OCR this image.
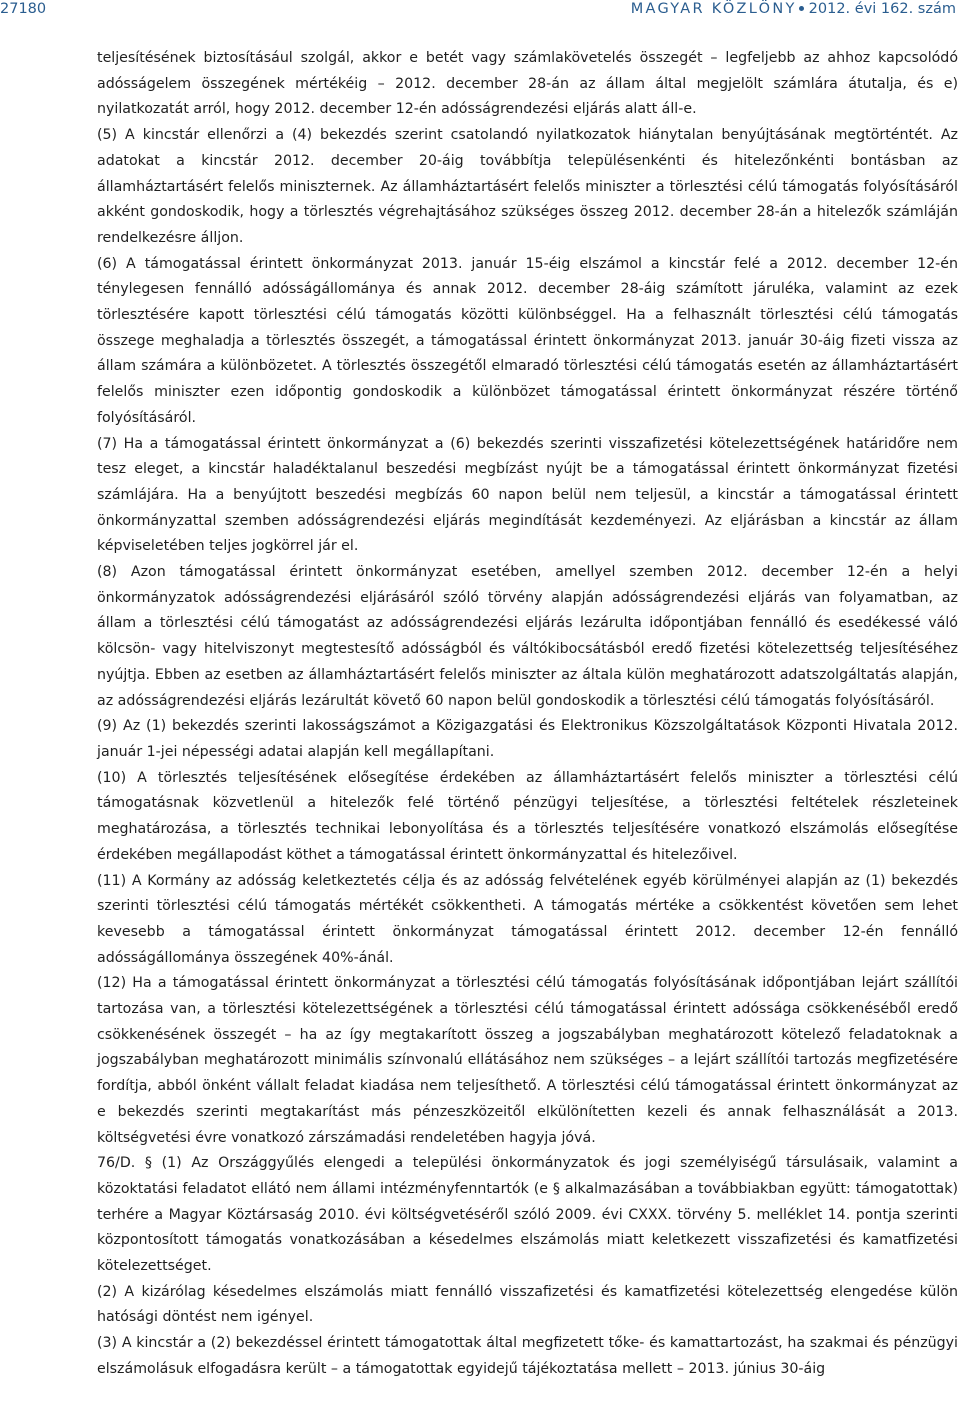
27180	MAGYAR KÖZLÖNY 2012. évi 162. szám

teljesítésének biztosításául szolgál, akkor e betét vagy számlakövetelés összegét – legfeljebb az ahhoz kapcsolódó adósságelem összegének mértékéig – 2012. december 28-án az állam által megjelölt számlára átutalja, és e) nyilatkozatát arról, hogy 2012. december 12-én adósságrendezési eljárás alatt áll-e.

(5) A kincstár ellenőrzi a (4) bekezdés szerint csatolandó nyilatkozatok hiánytalan benyújtásának megtörténtét. Az adatokat a kincstár 2012. december 20-áig továbbítja településenkénti és hitelezőnkénti bontásban az államháztartásért felelős miniszternek. Az államháztartásért felelős miniszter a törlesztési célú támogatás folyósításáról akként gondoskodik, hogy a törlesztés végrehajtásához szükséges összeg 2012. december 28-án a hitelezők számláján rendelkezésre álljon.

(6) A támogatással érintett önkormányzat 2013. január 15-éig elszámol a kincstár felé a 2012. december 12-én ténylegesen fennálló adósságállománya és annak 2012. december 28-áig számított járuléka, valamint az ezek törlesztésére kapott törlesztési célú támogatás közötti különbséggel. Ha a felhasznált törlesztési célú támogatás összege meghaladja a törlesztés összegét, a támogatással érintett önkormányzat 2013. január 30-áig fizeti vissza az állam számára a különbözetet. A törlesztés összegétől elmaradó törlesztési célú támogatás esetén az államháztartásért felelős miniszter ezen időpontig gondoskodik a különbözet támogatással érintett önkormányzat részére történő folyósításáról.

(7) Ha a támogatással érintett önkormányzat a (6) bekezdés szerinti visszafizetési kötelezettségének határidőre nem tesz eleget, a kincstár haladéktalanul beszedési megbízást nyújt be a támogatással érintett önkormányzat fizetési számlájára. Ha a benyújtott beszedési megbízás 60 napon belül nem teljesül, a kincstár a támogatással érintett önkormányzattal szemben adósságrendezési eljárás megindítását kezdeményezi. Az eljárásban a kincstár az állam képviseletében teljes jogkörrel jár el.

(8) Azon támogatással érintett önkormányzat esetében, amellyel szemben 2012. december 12-én a helyi önkormányzatok adósságrendezési eljárásáról szóló törvény alapján adósságrendezési eljárás van folyamatban, az állam a törlesztési célú támogatást az adósságrendezési eljárás lezárulta időpontjában fennálló és esedékessé váló kölcsön- vagy hitelviszonyt megtestesítő adósságból és váltókibocsátásból eredő fizetési kötelezettség teljesítéséhez nyújtja. Ebben az esetben az államháztartásért felelős miniszter az általa külön meghatározott adatszolgáltatás alapján, az adósságrendezési eljárás lezárultát követő 60 napon belül gondoskodik a törlesztési célú támogatás folyósításáról.

(9) Az (1) bekezdés szerinti lakosságszámot a Közigazgatási és Elektronikus Közszolgáltatások Központi Hivatala 2012. január 1-jei népességi adatai alapján kell megállapítani.

(10) A törlesztés teljesítésének elősegítése érdekében az államháztartásért felelős miniszter a törlesztési célú támogatásnak közvetlenül a hitelezők felé történő pénzügyi teljesítése, a törlesztési feltételek részleteinek meghatározása, a törlesztés technikai lebonyolítása és a törlesztés teljesítésére vonatkozó elszámolás elősegítése érdekében megállapodást köthet a támogatással érintett önkormányzattal és hitelezőivel.

(11) A Kormány az adósság keletkeztetés célja és az adósság felvételének egyéb körülményei alapján az (1) bekezdés szerinti törlesztési célú támogatás mértékét csökkentheti. A támogatás mértéke a csökkentést követően sem lehet kevesebb a támogatással érintett önkormányzat támogatással érintett 2012. december 12-én fennálló adósságállománya összegének 40%-ánál.

(12) Ha a támogatással érintett önkormányzat a törlesztési célú támogatás folyósításának időpontjában lejárt szállítói tartozása van, a törlesztési kötelezettségének a törlesztési célú támogatással érintett adóssága csökkenéséből eredő csökkenésének összegét – ha az így megtakarított összeg a jogszabályban meghatározott kötelező feladatoknak a jogszabályban meghatározott minimális színvonalú ellátásához nem szükséges – a lejárt szállítói tartozás megfizetésére fordítja, abból önként vállalt feladat kiadása nem teljesíthető. A törlesztési célú támogatással érintett önkormányzat az e bekezdés szerinti megtakarítást más pénzeszközeitől elkülönítetten kezeli és annak felhasználását a 2013. költségvetési évre vonatkozó zárszámadási rendeletében hagyja jóvá.

76/D. § (1) Az Országgyűlés elengedi a települési önkormányzatok és jogi személyiségű társulásaik, valamint a közoktatási feladatot ellátó nem állami intézményfenntartók (e § alkalmazásában a továbbiakban együtt: támogatottak) terhére a Magyar Köztársaság 2010. évi költségvetéséről szóló 2009. évi CXXX. törvény 5. melléklet 14. pontja szerinti központosított támogatás vonatkozásában a késedelmes elszámolás miatt keletkezett visszafizetési és kamatfizetési kötelezettséget.

(2) A kizárólag késedelmes elszámolás miatt fennálló visszafizetési és kamatfizetési kötelezettség elengedése külön hatósági döntést nem igényel.

(3) A kincstár a (2) bekezdéssel érintett támogatottak által megfizetett tőke- és kamattartozást, ha szakmai és pénzügyi elszámolásuk elfogadásra került – a támogatottak egyidejű tájékoztatása mellett – 2013. június 30-áig
